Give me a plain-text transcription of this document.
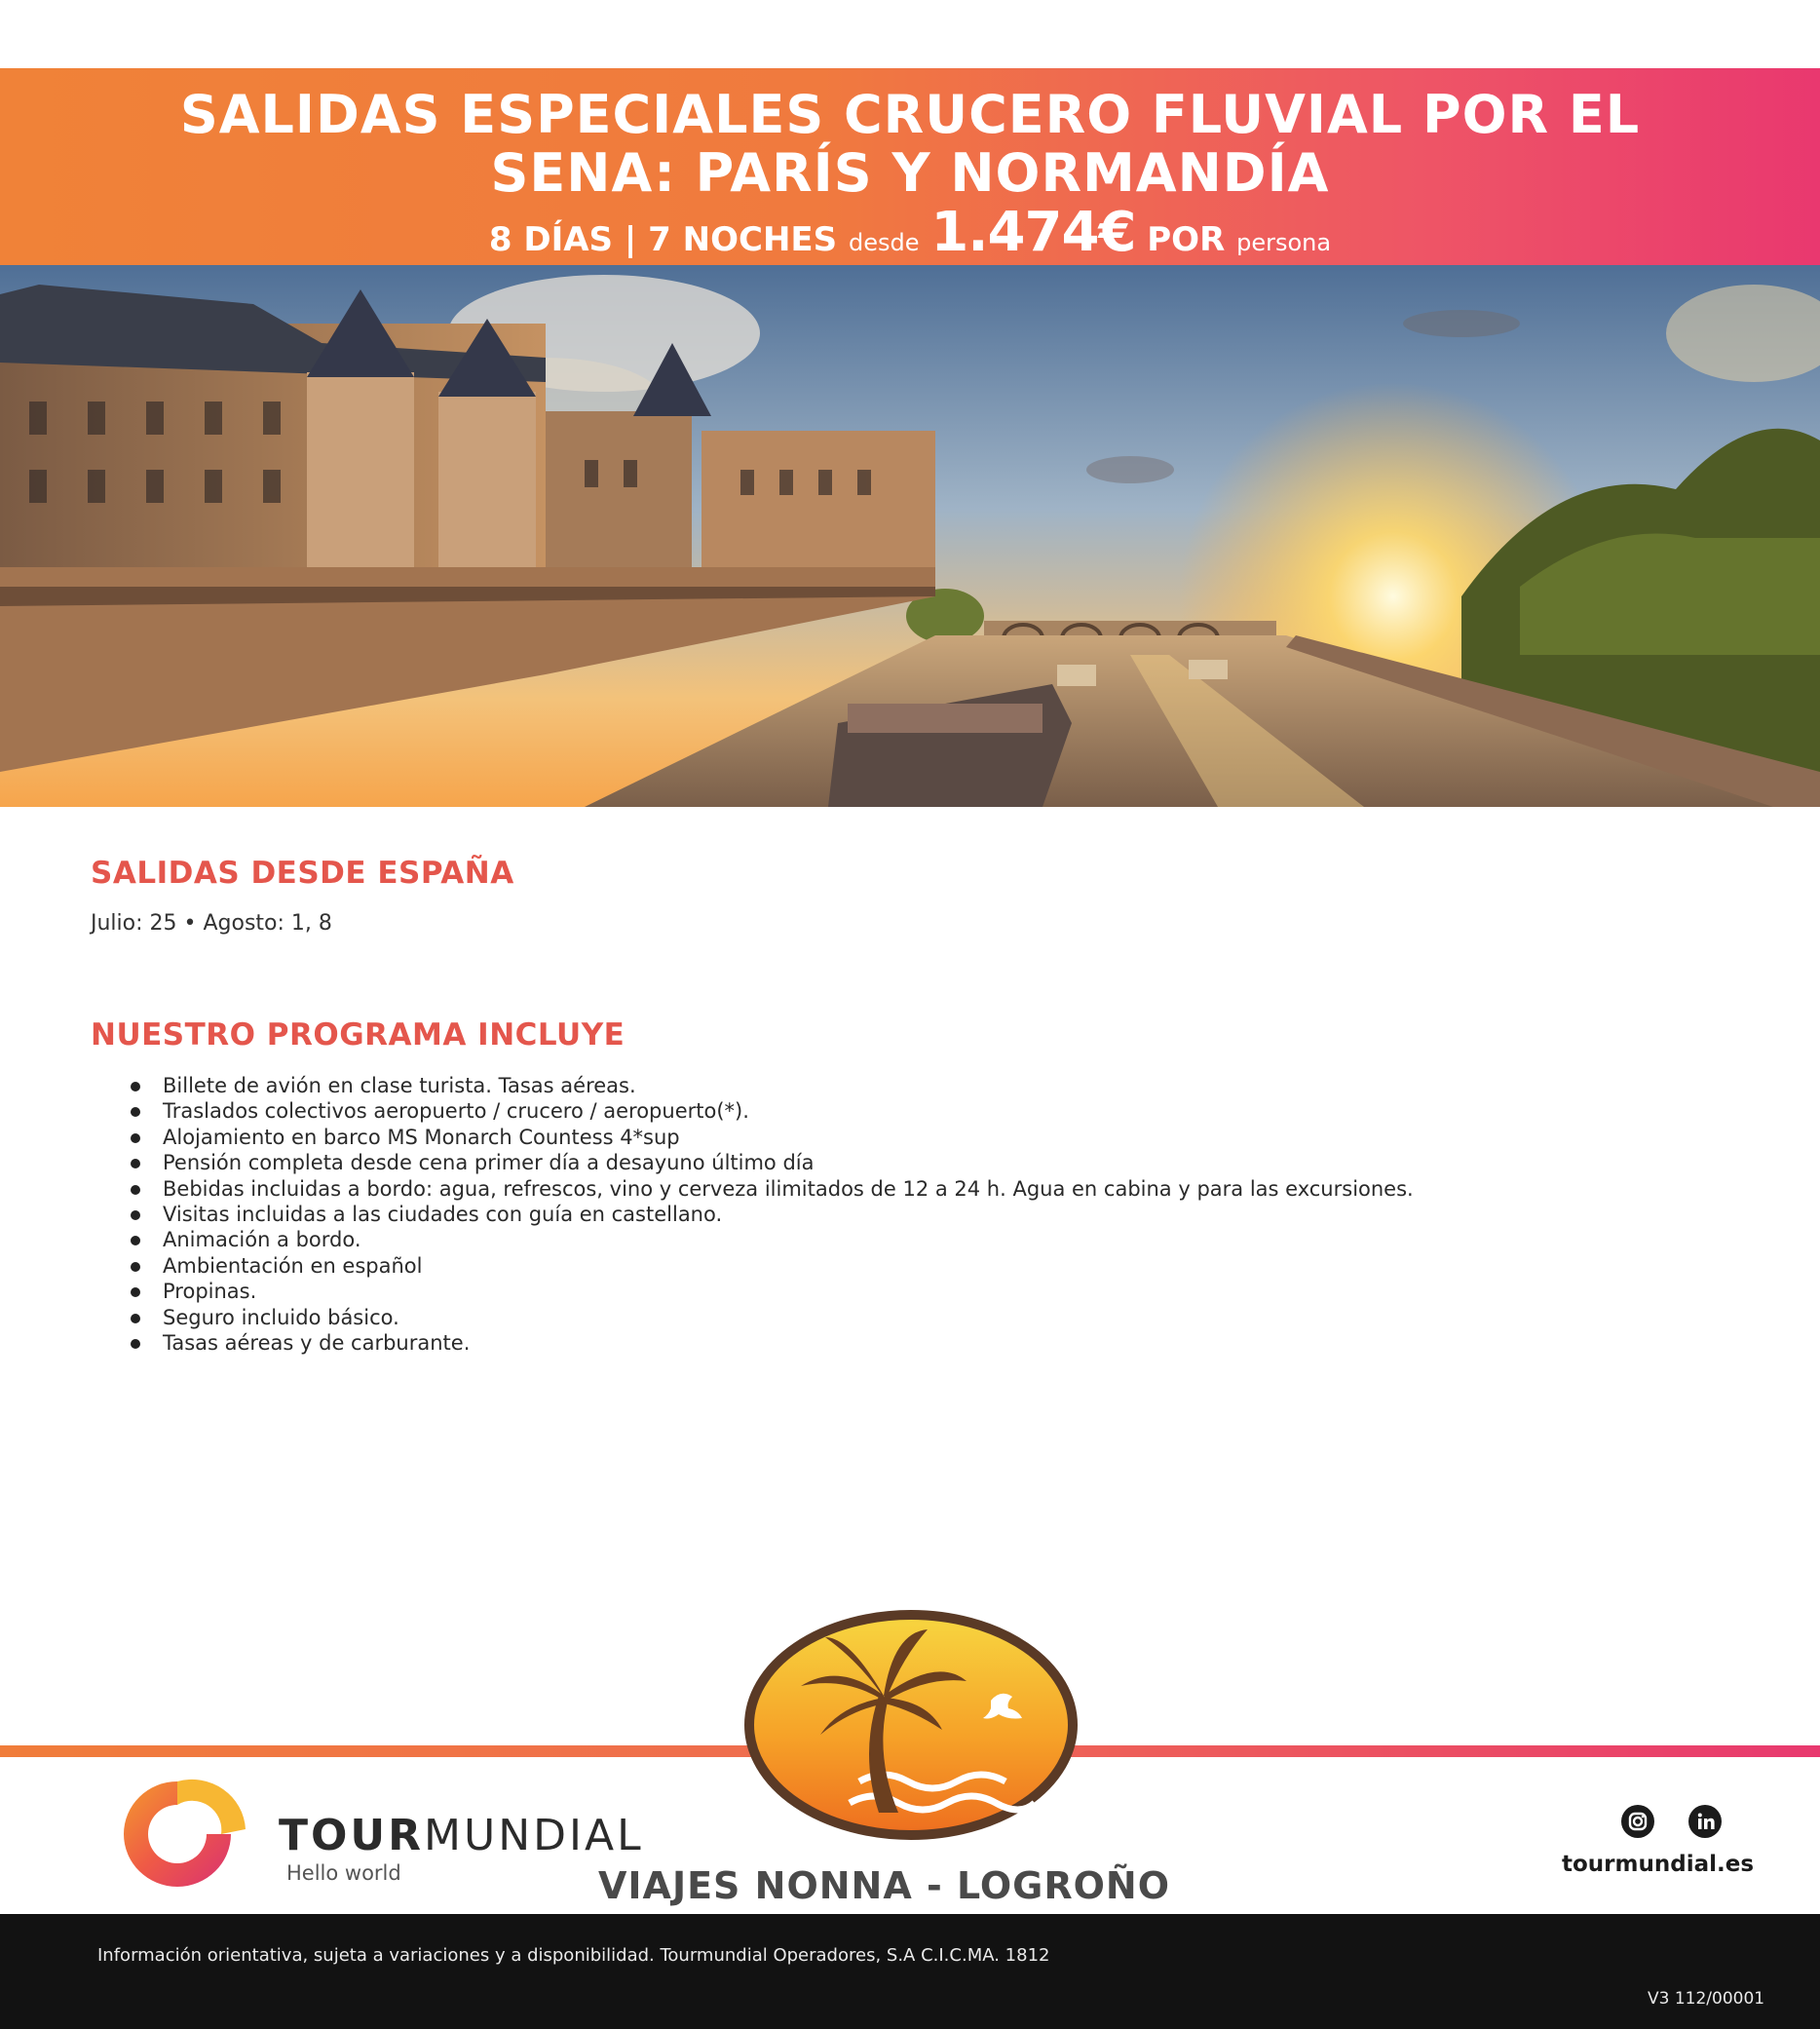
SALIDAS ESPECIALES CRUCERO FLUVIAL POR EL
SENA: PARÍS Y NORMANDÍA
8 DÍAS | 7 NOCHES desde 1.474€ POR persona
SALIDAS DESDE ESPAÑA
Julio: 25 • Agosto: 1, 8
NUESTRO PROGRAMA INCLUYE
Billete de avión en clase turista. Tasas aéreas.
Traslados colectivos aeropuerto / crucero / aeropuerto(*).
Alojamiento en barco MS Monarch Countess 4*sup
Pensión completa desde cena primer día a desayuno último día
Bebidas incluidas a bordo: agua, refrescos, vino y cerveza ilimitados de 12 a 24 h. Agua en cabina y para las excursiones.
Visitas incluidas a las ciudades con guía en castellano.
Animación a bordo.
Ambientación en español
Propinas.
Seguro incluido básico.
Tasas aéreas y de carburante.
TOURMUNDIAL
Hello world	VIAJES NONNA - LOGROÑO	tourmundial.es
Información orientativa, sujeta a variaciones y a disponibilidad. Tourmundial Operadores, S.A C.I.C.MA. 1812
V3 112/00001
